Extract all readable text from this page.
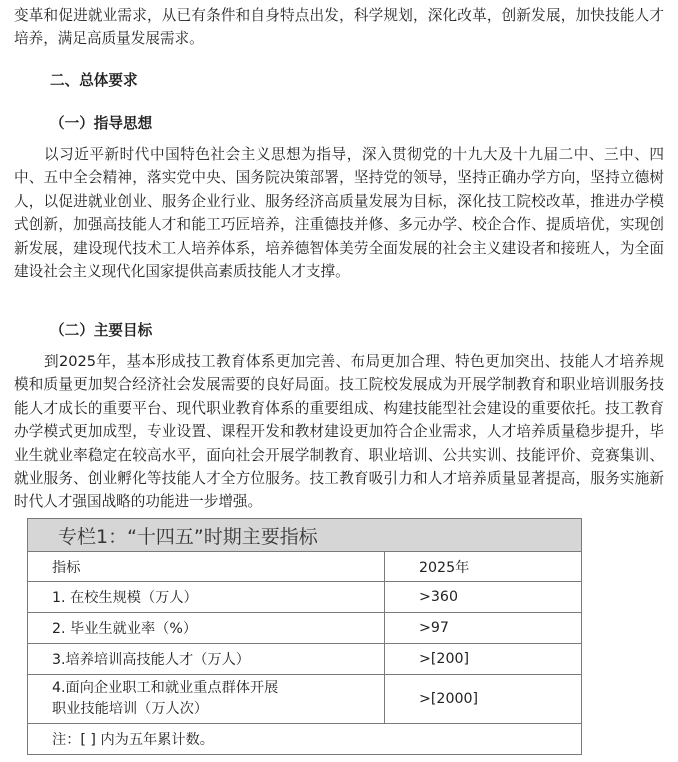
变革和促进就业需求，从已有条件和自身特点出发，科学规划，深化改革，创新发展，加快技能人才培养，满足高质量发展需求。

二、总体要求

（一）指导思想

以习近平新时代中国特色社会主义思想为指导，深入贯彻党的十九大及十九届二中、三中、四中、五中全会精神，落实党中央、国务院决策部署，坚持党的领导，坚持正确办学方向，坚持立德树人，以促进就业创业、服务企业行业、服务经济高质量发展为目标，深化技工院校改革，推进办学模式创新，加强高技能人才和能工巧匠培养，注重德技并修、多元办学、校企合作、提质培优，实现创新发展，建设现代技术工人培养体系，培养德智体美劳全面发展的社会主义建设者和接班人，为全面建设社会主义现代化国家提供高素质技能人才支撑。

（二）主要目标

到2025年，基本形成技工教育体系更加完善、布局更加合理、特色更加突出、技能人才培养规模和质量更加契合经济社会发展需要的良好局面。技工院校发展成为开展学制教育和职业培训服务技能人才成长的重要平台、现代职业教育体系的重要组成、构建技能型社会建设的重要依托。技工教育办学模式更加成型，专业设置、课程开发和教材建设更加符合企业需求，人才培养质量稳步提升，毕业生就业率稳定在较高水平，面向社会开展学制教育、职业培训、公共实训、技能评价、竞赛集训、就业服务、创业孵化等技能人才全方位服务。技工教育吸引力和人才培养质量显著提高，服务实施新时代人才强国战略的功能进一步增强。

专栏1：“十四五”时期主要指标	
指标	2025年
1. 在校生规模（万人）	>360
2. 毕业生就业率（%）	>97
3.培养培训高技能人才（万人）	>[200]
4.面向企业职工和就业重点群体开展
职业技能培训（万人次）	>[2000]
注：[ ] 内为五年累计数。	
